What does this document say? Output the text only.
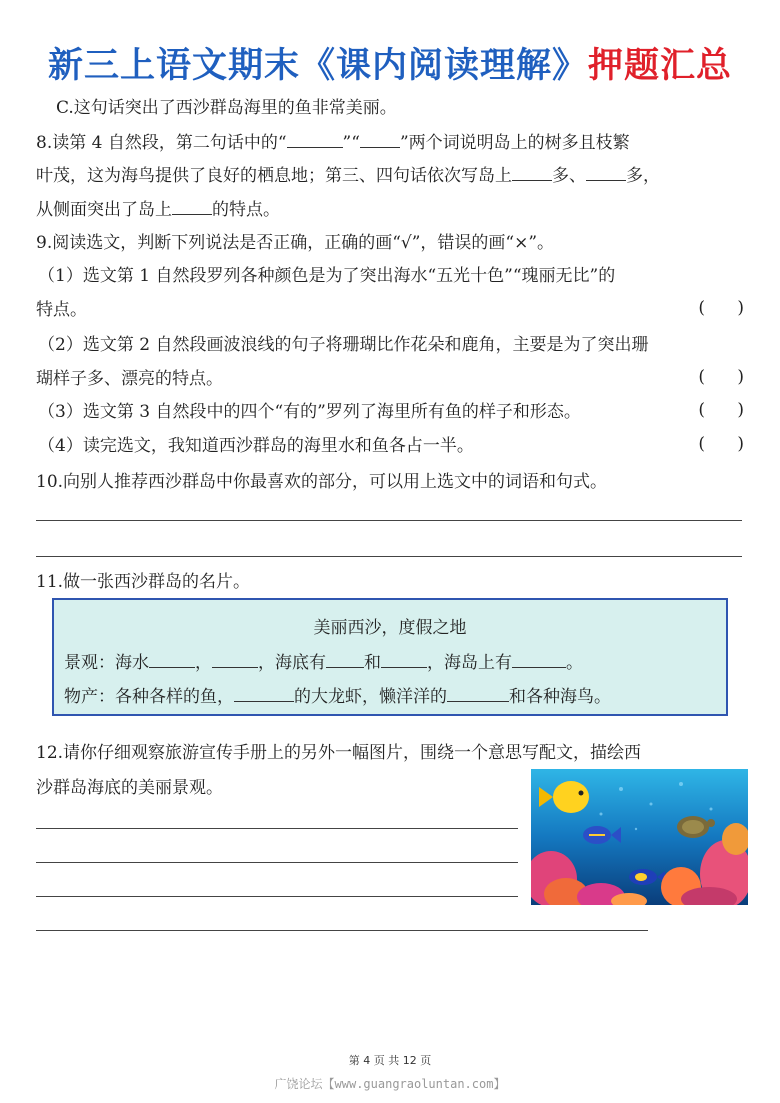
新三上语文期末《课内阅读理解》押题汇总
C.这句话突出了西沙群岛海里的鱼非常美丽。
8.读第 4 自然段，第二句话中的“	”“ ”两个词说明岛上的树多且枝繁
叶茂，这为海鸟提供了良好的栖息地；第三、四句话依次写岛上 多、 多，
从侧面突出了岛上 的特点。
9.阅读选文，判断下列说法是否正确，正确的画“√”，错误的画“×”。
（1）选文第 1 自然段罗列各种颜色是为了突出海水“五光十色”“瑰丽无比”的
特点。	(      )
（2）选文第 2 自然段画波浪线的句子将珊瑚比作花朵和鹿角，主要是为了突出珊
瑚样子多、漂亮的特点。	(      )
（3）选文第 3 自然段中的四个“有的”罗列了海里所有鱼的样子和形态。	(      )
（4）读完选文，我知道西沙群岛的海里水和鱼各占一半。	(      )
10.向别人推荐西沙群岛中你最喜欢的部分，可以用上选文中的词语和句式。
11.做一张西沙群岛的名片。
美丽西沙，度假之地
景观：海水	，	，海底有 和	，海岛上有	。
物产：各种各样的鱼，	的大龙虾，懒洋洋的	和各种海鸟。
12.请你仔细观察旅游宣传手册上的另外一幅图片，围绕一个意思写配文，描绘西
沙群岛海底的美丽景观。
第 4 页 共 12 页
广饶论坛【www.guangraoluntan.com】
